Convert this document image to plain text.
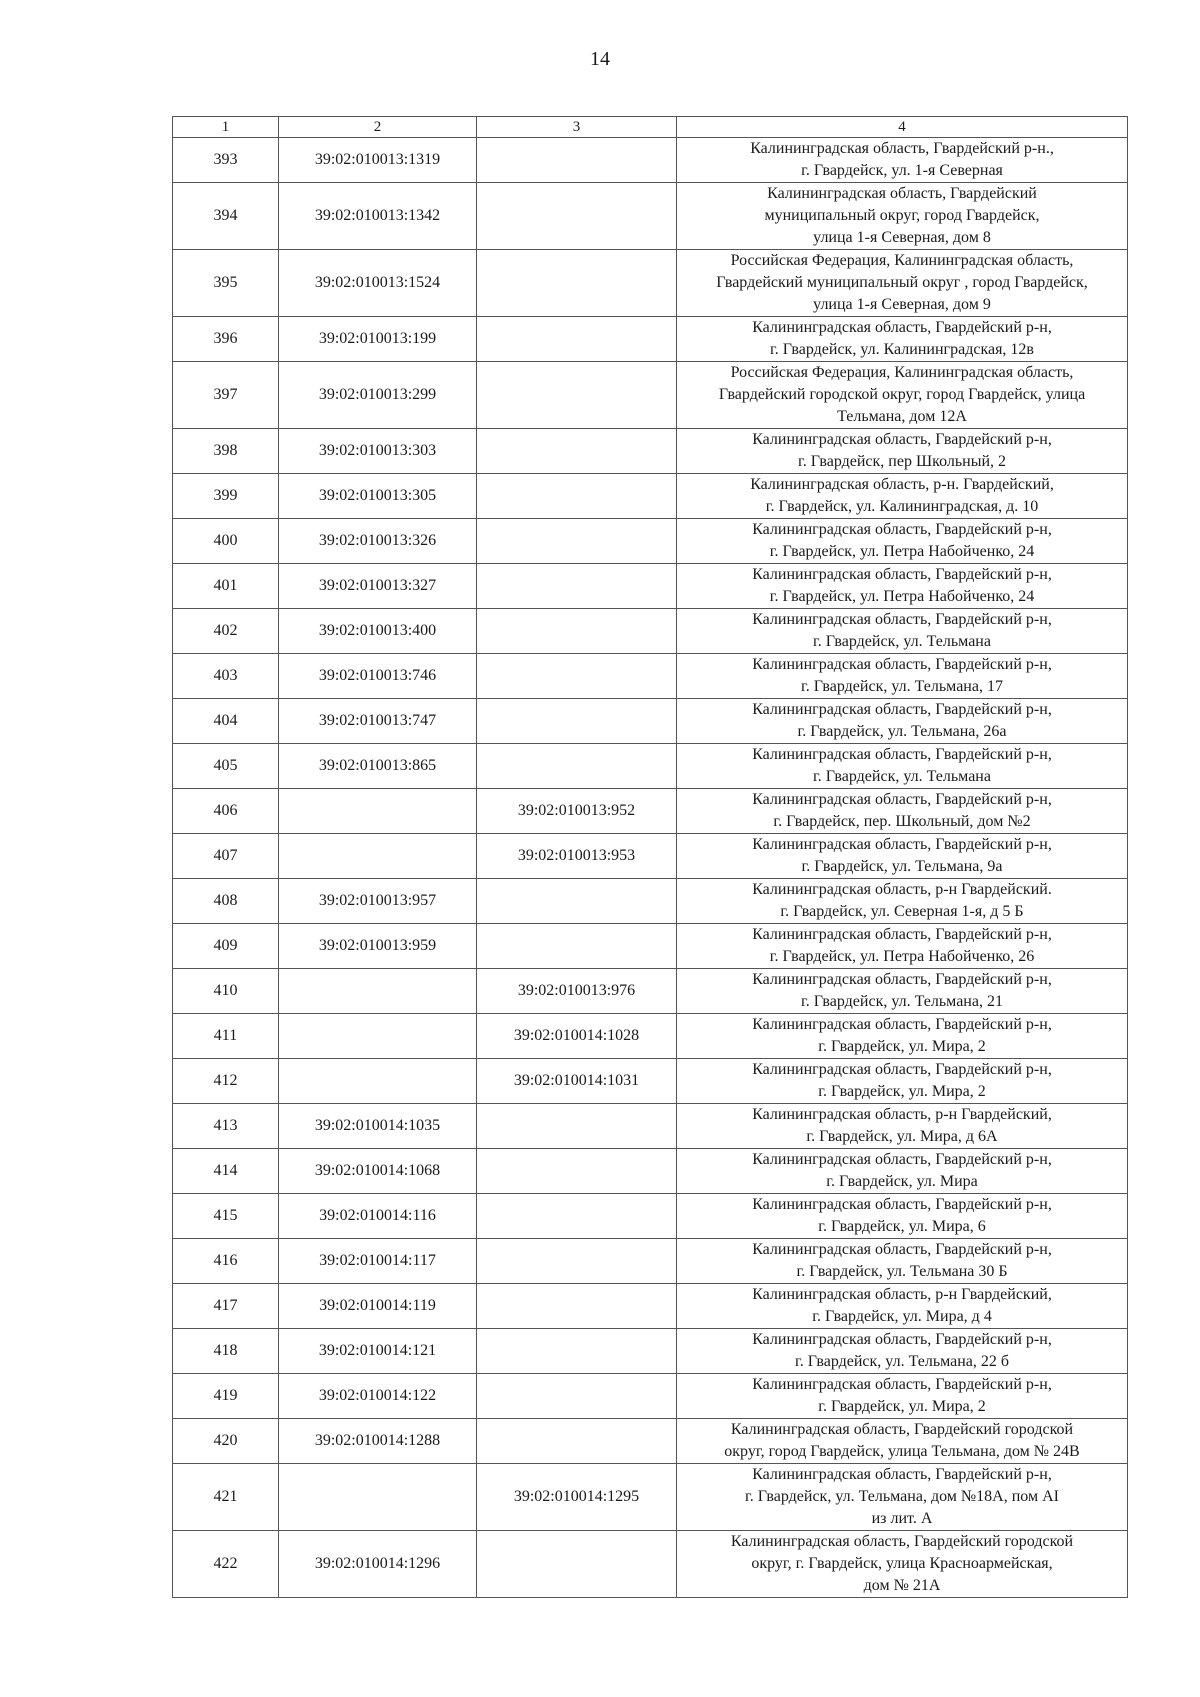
14
1	2	3	4
393	39:02:010013:1319		Калининградская область, Гвардейский р-н.,
г. Гвардейск, ул. 1-я Северная

394	39:02:010013:1342		Калининградская область, Гвардейский
муниципальный округ, город Гвардейск,
улица 1-я Северная, дом 8

395	39:02:010013:1524		Российская Федерация, Калининградская область,
Гвардейский муниципальный округ , город Гвардейск,
улица 1-я Северная, дом 9

396	39:02:010013:199		Калининградская область, Гвардейский р-н,
г. Гвардейск, ул. Калининградская, 12в

397	39:02:010013:299		Российская Федерация, Калининградская область,
Гвардейский городской округ, город Гвардейск, улица
Тельмана, дом 12А

398	39:02:010013:303		Калининградская область, Гвардейский р-н,
г. Гвардейск, пер Школьный, 2

399	39:02:010013:305		Калининградская область, р-н. Гвардейский,
г. Гвардейск, ул. Калининградская, д. 10

400	39:02:010013:326		Калининградская область, Гвардейский р-н,
г. Гвардейск, ул. Петра Набойченко, 24

401	39:02:010013:327		Калининградская область, Гвардейский р-н,
г. Гвардейск, ул. Петра Набойченко, 24

402	39:02:010013:400		Калининградская область, Гвардейский р-н,
г. Гвардейск, ул. Тельмана

403	39:02:010013:746		Калининградская область, Гвардейский р-н,
г. Гвардейск, ул. Тельмана, 17

404	39:02:010013:747		Калининградская область, Гвардейский р-н,
г. Гвардейск, ул. Тельмана, 26а

405	39:02:010013:865		Калининградская область, Гвардейский р-н,
г. Гвардейск, ул. Тельмана

406		39:02:010013:952	Калининградская область, Гвардейский р-н,
г. Гвардейск, пер. Школьный, дом №2

407		39:02:010013:953	Калининградская область, Гвардейский р-н,
г. Гвардейск, ул. Тельмана, 9а

408	39:02:010013:957		Калининградская область, р-н Гвардейский.
г. Гвардейск, ул. Северная 1-я, д 5 Б

409	39:02:010013:959		Калининградская область, Гвардейский р-н,
г. Гвардейск, ул. Петра Набойченко, 26

410		39:02:010013:976	Калининградская область, Гвардейский р-н,
г. Гвардейск, ул. Тельмана, 21

411		39:02:010014:1028	Калининградская область, Гвардейский р-н,
г. Гвардейск, ул. Мира, 2

412		39:02:010014:1031	Калининградская область, Гвардейский р-н,
г. Гвардейск, ул. Мира, 2

413	39:02:010014:1035		Калининградская область, р-н Гвардейский,
г. Гвардейск, ул. Мира, д 6А

414	39:02:010014:1068		Калининградская область, Гвардейский р-н,
г. Гвардейск, ул. Мира

415	39:02:010014:116		Калининградская область, Гвардейский р-н,
г. Гвардейск, ул. Мира, 6

416	39:02:010014:117		Калининградская область, Гвардейский р-н,
г. Гвардейск, ул. Тельмана 30 Б

417	39:02:010014:119		Калининградская область, р-н Гвардейский,
г. Гвардейск, ул. Мира, д 4

418	39:02:010014:121		Калининградская область, Гвардейский р-н,
г. Гвардейск, ул. Тельмана, 22 б

419	39:02:010014:122		Калининградская область, Гвардейский р-н,
г. Гвардейск, ул. Мира, 2

420	39:02:010014:1288		Калининградская область, Гвардейский городской
округ, город Гвардейск, улица Тельмана, дом № 24В

421		39:02:010014:1295	Калининградская область, Гвардейский р-н,
г. Гвардейск, ул. Тельмана, дом №18А, пом АI
из лит. А

422	39:02:010014:1296		Калининградская область, Гвардейский городской
округ, г. Гвардейск, улица Красноармейская,
дом № 21А
